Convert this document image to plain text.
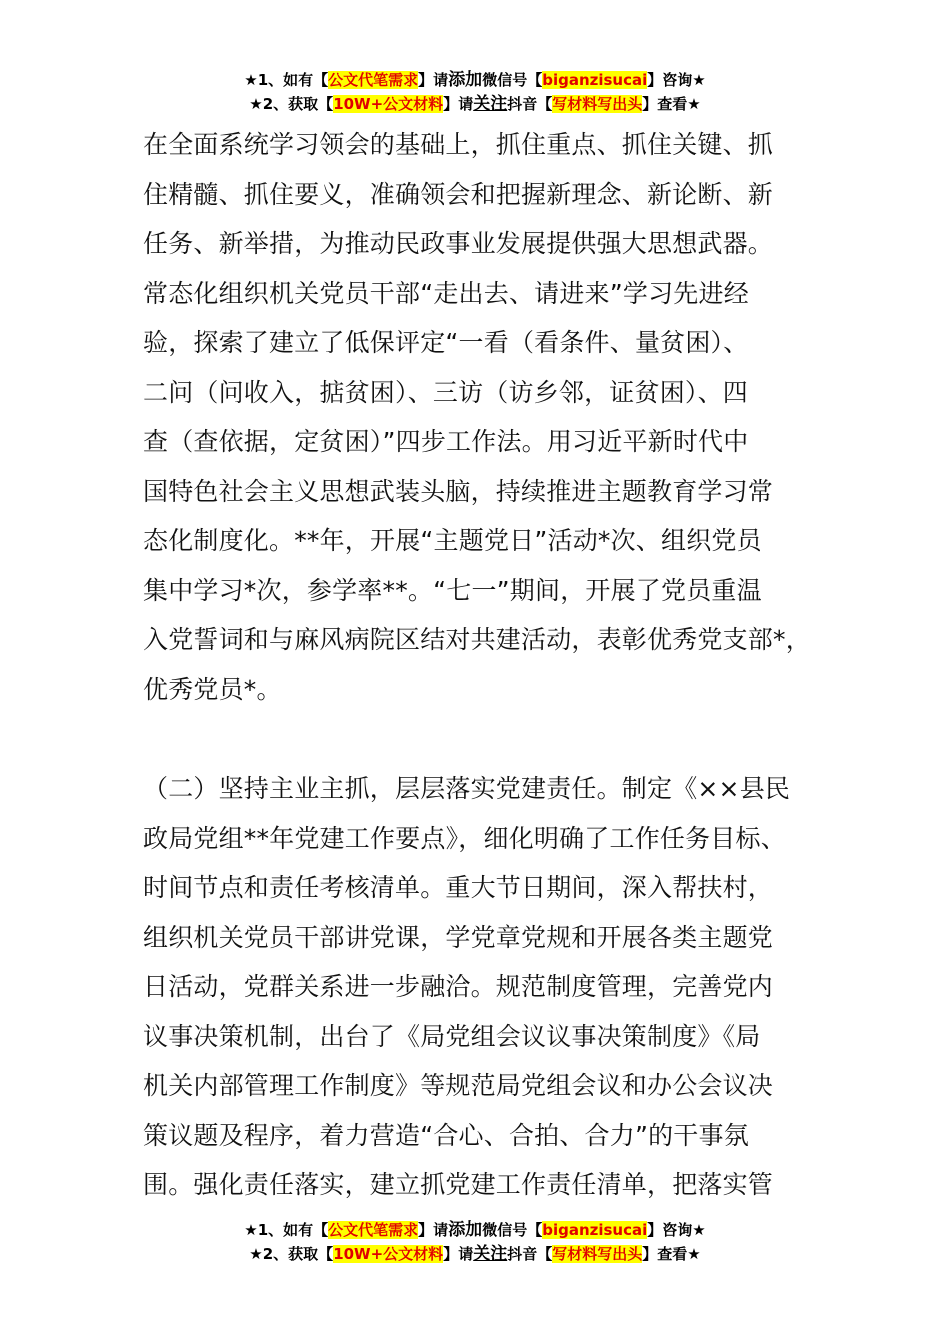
★1、如有【公文代笔需求】请添加微信号【biganzisucai】咨询★
★2、获取【10W+公文材料】请关注抖音【写材料写出头】查看★
在全面系统学习领会的基础上，抓住重点、抓住关键、抓
住精髓、抓住要义，准确领会和把握新理念、新论断、新
任务、新举措，为推动民政事业发展提供强大思想武器。
常态化组织机关党员干部“走出去、请进来”学习先进经
验，探索了建立了低保评定“一看（看条件、量贫困）、
二问（问收入，掂贫困）、三访（访乡邻，证贫困）、四
查（查依据，定贫困）”四步工作法。用习近平新时代中
国特色社会主义思想武装头脑，持续推进主题教育学习常
态化制度化。**年，开展“主题党日”活动*次、组织党员
集中学习*次，参学率**。“七一”期间，开展了党员重温
入党誓词和与麻风病院区结对共建活动，表彰优秀党支部*，
优秀党员*。
（二）坚持主业主抓，层层落实党建责任。制定《××县民
政局党组**年党建工作要点》，细化明确了工作任务目标、
时间节点和责任考核清单。重大节日期间，深入帮扶村，
组织机关党员干部讲党课，学党章党规和开展各类主题党
日活动，党群关系进一步融洽。规范制度管理，完善党内
议事决策机制，出台了《局党组会议议事决策制度》《局
机关内部管理工作制度》等规范局党组会议和办公会议决
策议题及程序，着力营造“合心、合拍、合力”的干事氛
围。强化责任落实，建立抓党建工作责任清单，把落实管
★1、如有【公文代笔需求】请添加微信号【biganzisucai】咨询★
★2、获取【10W+公文材料】请关注抖音【写材料写出头】查看★
